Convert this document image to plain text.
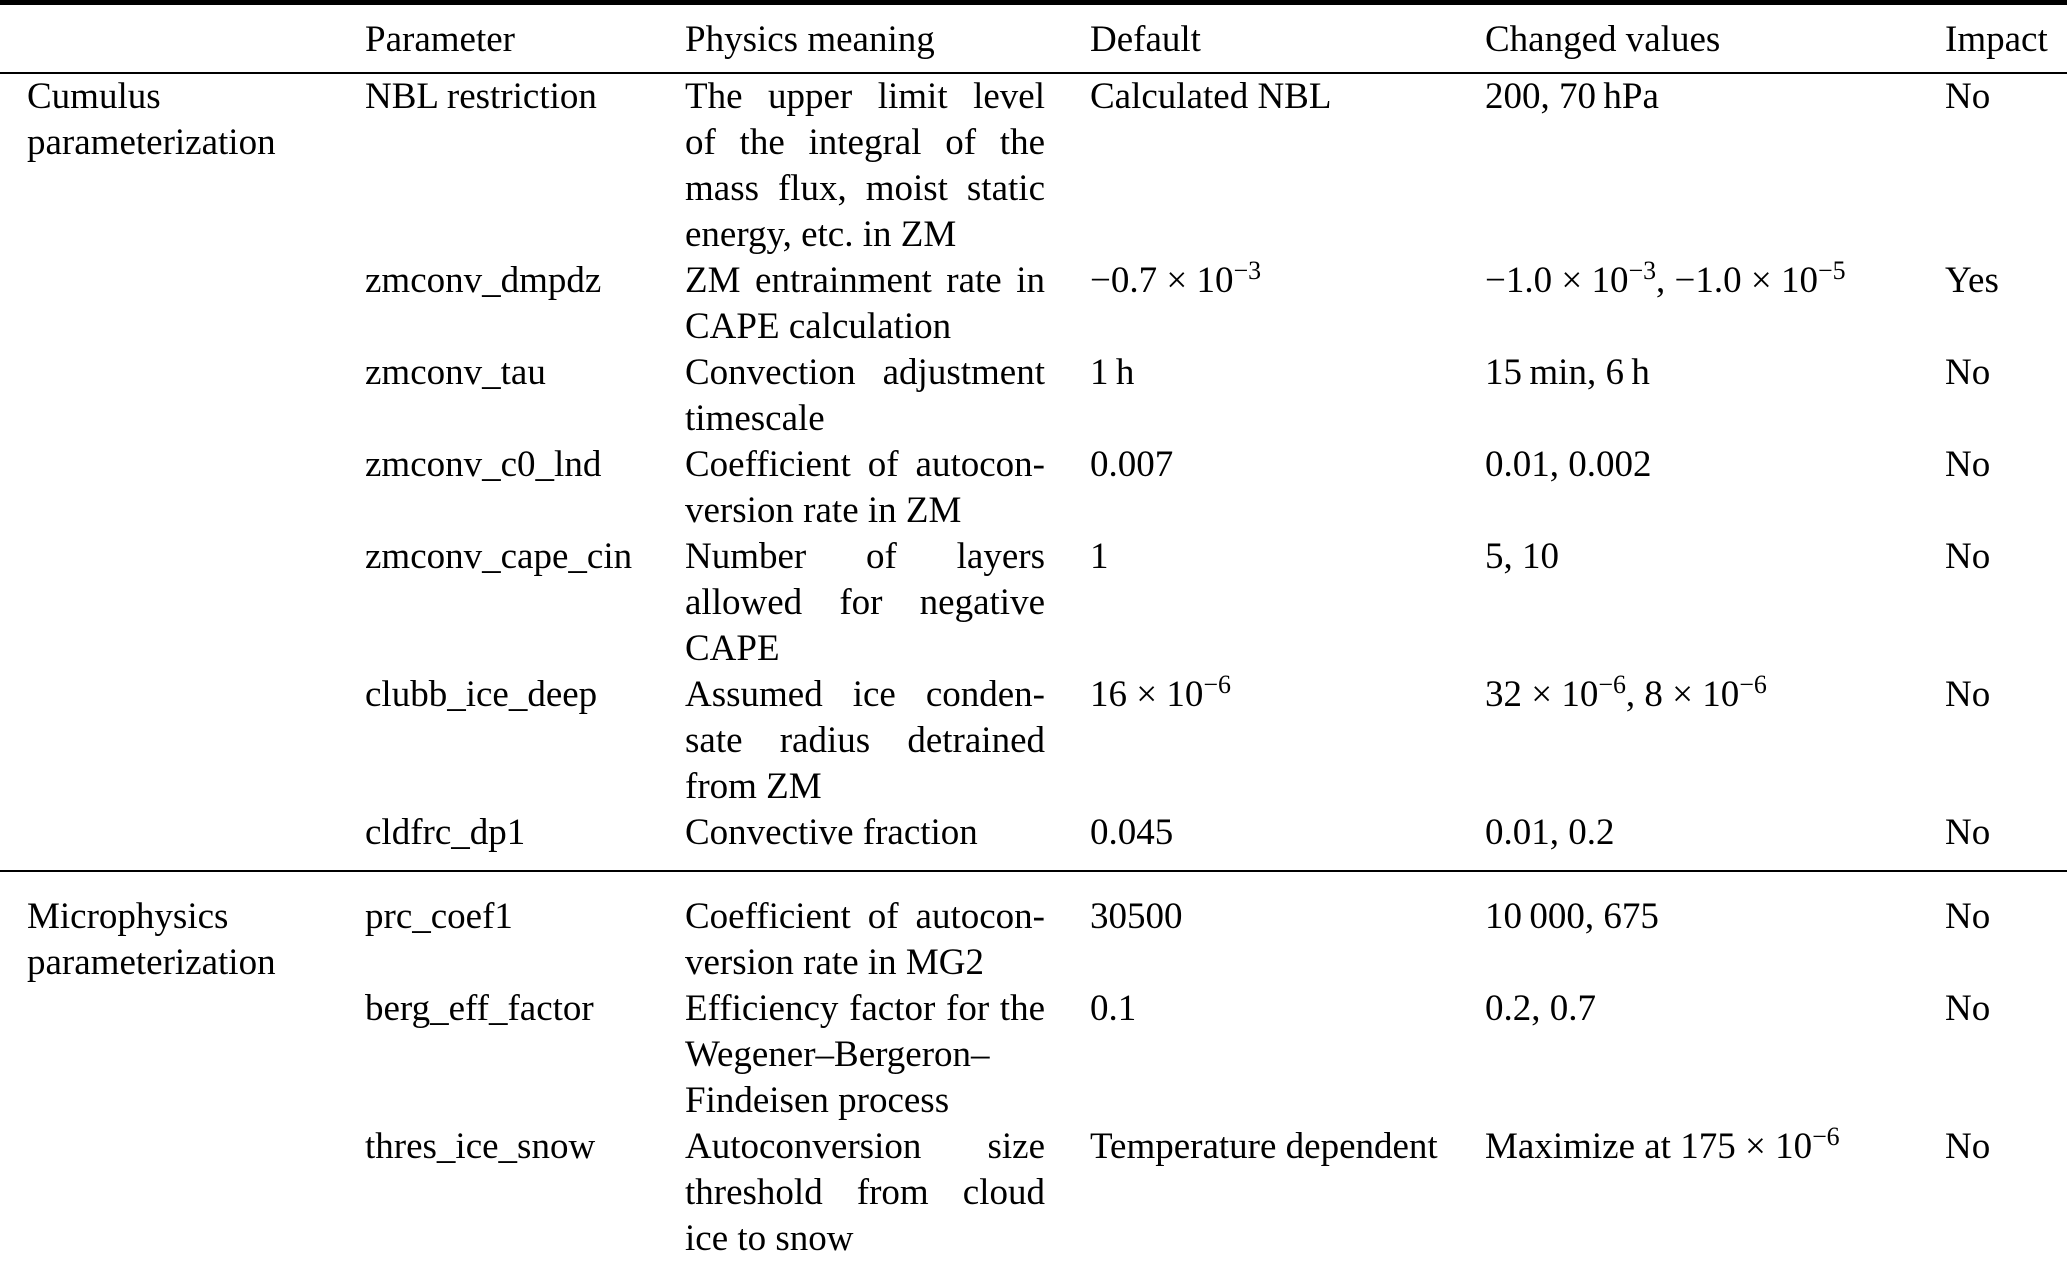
	Parameter	Physics meaning	Default	Changed values	Impact
Cumulus parameterization	NBL restriction	The upper limit level
of the integral of the
mass flux, moist static
energy, etc. in ZM	Calculated NBL	200, 70 hPa	No
	zmconv_dmpdz	ZM entrainment rate in
CAPE calculation	$-0.7 \times 10^{-3}$	$-1.0 \times 10^{-3}$, $-1.0 \times 10^{-5}$	Yes
	zmconv_tau	Convection adjustment
timescale	1 h	15 min, 6 h	No
	zmconv_c0_lnd	Coefficient of autocon-
version rate in ZM	0.007	0.01, 0.002	No
	zmconv_cape_cin	Number of layers
allowed for negative
CAPE	1	5, 10	No
	clubb_ice_deep	Assumed ice conden-
sate radius detrained
from ZM	$16 \times 10^{-6}$	$32 \times 10^{-6}$, $8 \times 10^{-6}$	No
	cldfrc_dp1	Convective fraction	0.045	0.01, 0.2	No
Microphysics parameterization	prc_coef1	Coefficient of autocon-
version rate in MG2	30500	10 000, 675	No
	berg_eff_factor	Efficiency factor for the
Wegener–Bergeron–
Findeisen process	0.1	0.2, 0.7	No
	thres_ice_snow	Autoconversion size
threshold from cloud
ice to snow	Temperature dependent	Maximize at $175 \times 10^{-6}$	No
